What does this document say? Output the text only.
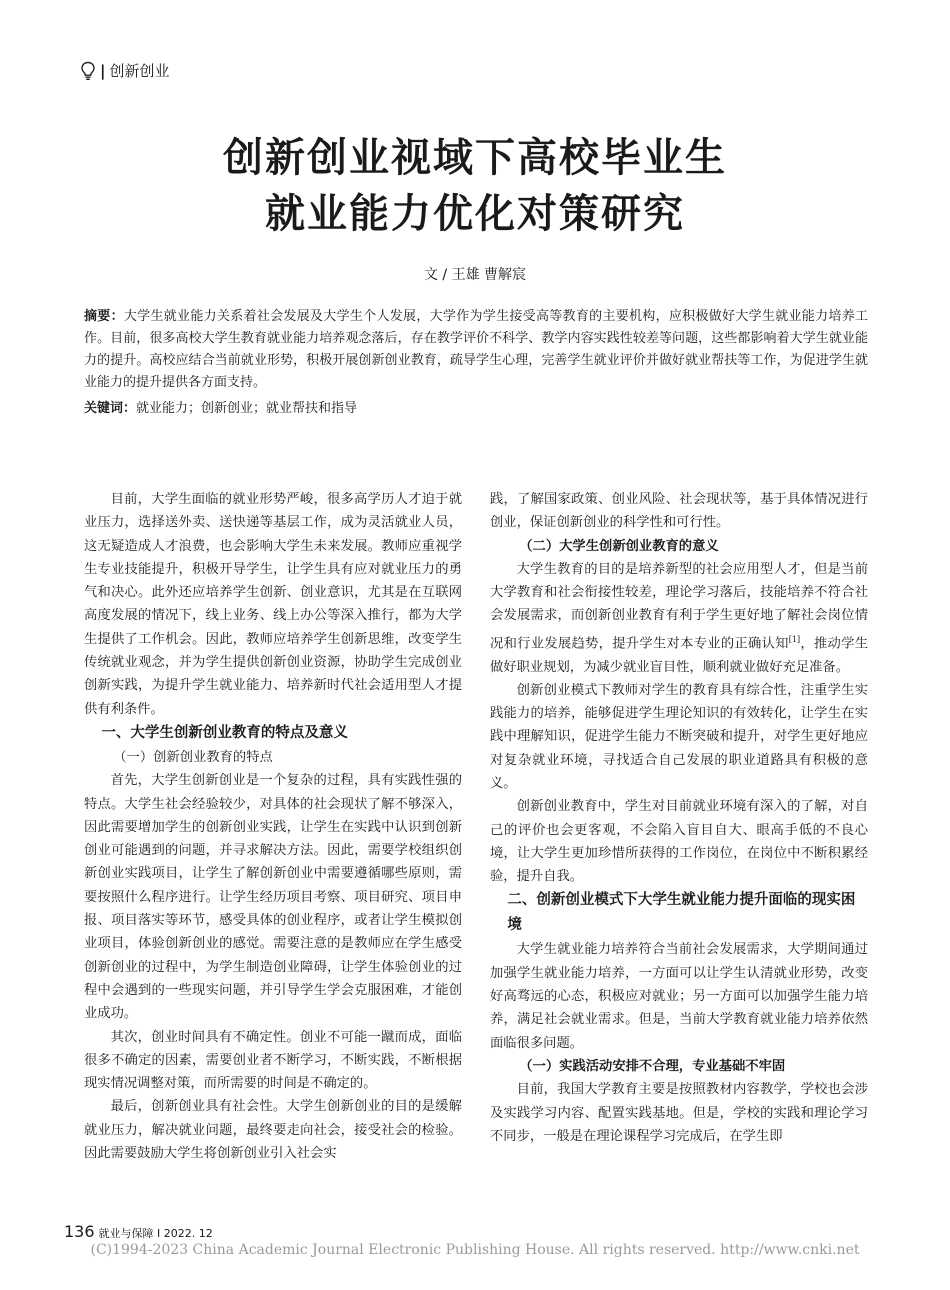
| 创新创业
创新创业视域下高校毕业生
就业能力优化对策研究
文 / 王雄 曹解宸
摘要：大学生就业能力关系着社会发展及大学生个人发展，大学作为学生接受高等教育的主要机构，应积极做好大学生就业能力培养工作。目前，很多高校大学生教育就业能力培养观念落后，存在教学评价不科学、教学内容实践性较差等问题，这些都影响着大学生就业能力的提升。高校应结合当前就业形势，积极开展创新创业教育，疏导学生心理，完善学生就业评价并做好就业帮扶等工作，为促进学生就业能力的提升提供各方面支持。
关键词：就业能力；创新创业；就业帮扶和指导

目前，大学生面临的就业形势严峻，很多高学历人才迫于就业压力，选择送外卖、送快递等基层工作，成为灵活就业人员，这无疑造成人才浪费，也会影响大学生未来发展。教师应重视学生专业技能提升，积极开导学生，让学生具有应对就业压力的勇气和决心。此外还应培养学生创新、创业意识，尤其是在互联网高度发展的情况下，线上业务、线上办公等深入推行，都为大学生提供了工作机会。因此，教师应培养学生创新思维，改变学生传统就业观念，并为学生提供创新创业资源，协助学生完成创业创新实践，为提升学生就业能力、培养新时代社会适用型人才提供有利条件。

一、大学生创新创业教育的特点及意义
（一）创新创业教育的特点

首先，大学生创新创业是一个复杂的过程，具有实践性强的特点。大学生社会经验较少，对具体的社会现状了解不够深入，因此需要增加学生的创新创业实践，让学生在实践中认识到创新创业可能遇到的问题，并寻求解决方法。因此，需要学校组织创新创业实践项目，让学生了解创新创业中需要遵循哪些原则，需要按照什么程序进行。让学生经历项目考察、项目研究、项目申报、项目落实等环节，感受具体的创业程序，或者让学生模拟创业项目，体验创新创业的感觉。需要注意的是教师应在学生感受创新创业的过程中，为学生制造创业障碍，让学生体验创业的过程中会遇到的一些现实问题，并引导学生学会克服困难，才能创业成功。

其次，创业时间具有不确定性。创业不可能一蹴而成，面临很多不确定的因素，需要创业者不断学习，不断实践，不断根据现实情况调整对策，而所需要的时间是不确定的。

最后，创新创业具有社会性。大学生创新创业的目的是缓解就业压力，解决就业问题，最终要走向社会，接受社会的检验。因此需要鼓励大学生将创新创业引入社会实

践，了解国家政策、创业风险、社会现状等，基于具体情况进行创业，保证创新创业的科学性和可行性。

（二）大学生创新创业教育的意义

大学生教育的目的是培养新型的社会应用型人才，但是当前大学教育和社会衔接性较差，理论学习落后，技能培养不符合社会发展需求，而创新创业教育有利于学生更好地了解社会岗位情况和行业发展趋势，提升学生对本专业的正确认知[1]，推动学生做好职业规划，为减少就业盲目性，顺利就业做好充足准备。

创新创业模式下教师对学生的教育具有综合性，注重学生实践能力的培养，能够促进学生理论知识的有效转化，让学生在实践中理解知识，促进学生能力不断突破和提升，对学生更好地应对复杂就业环境，寻找适合自己发展的职业道路具有积极的意义。

创新创业教育中，学生对目前就业环境有深入的了解，对自己的评价也会更客观，不会陷入盲目自大、眼高手低的不良心境，让大学生更加珍惜所获得的工作岗位，在岗位中不断积累经验，提升自我。

二、创新创业模式下大学生就业能力提升面临的现实困境

大学生就业能力培养符合当前社会发展需求，大学期间通过加强学生就业能力培养，一方面可以让学生认清就业形势，改变好高骛远的心态，积极应对就业；另一方面可以加强学生能力培养，满足社会就业需求。但是，当前大学教育就业能力培养依然面临很多问题。

（一）实践活动安排不合理，专业基础不牢固

目前，我国大学教育主要是按照教材内容教学，学校也会涉及实践学习内容、配置实践基地。但是，学校的实践和理论学习不同步，一般是在理论课程学习完成后，在学生即

136 就业与保障 I 2022. 12
(C)1994-2023 China Academic Journal Electronic Publishing House. All rights reserved. http://www.cnki.net
